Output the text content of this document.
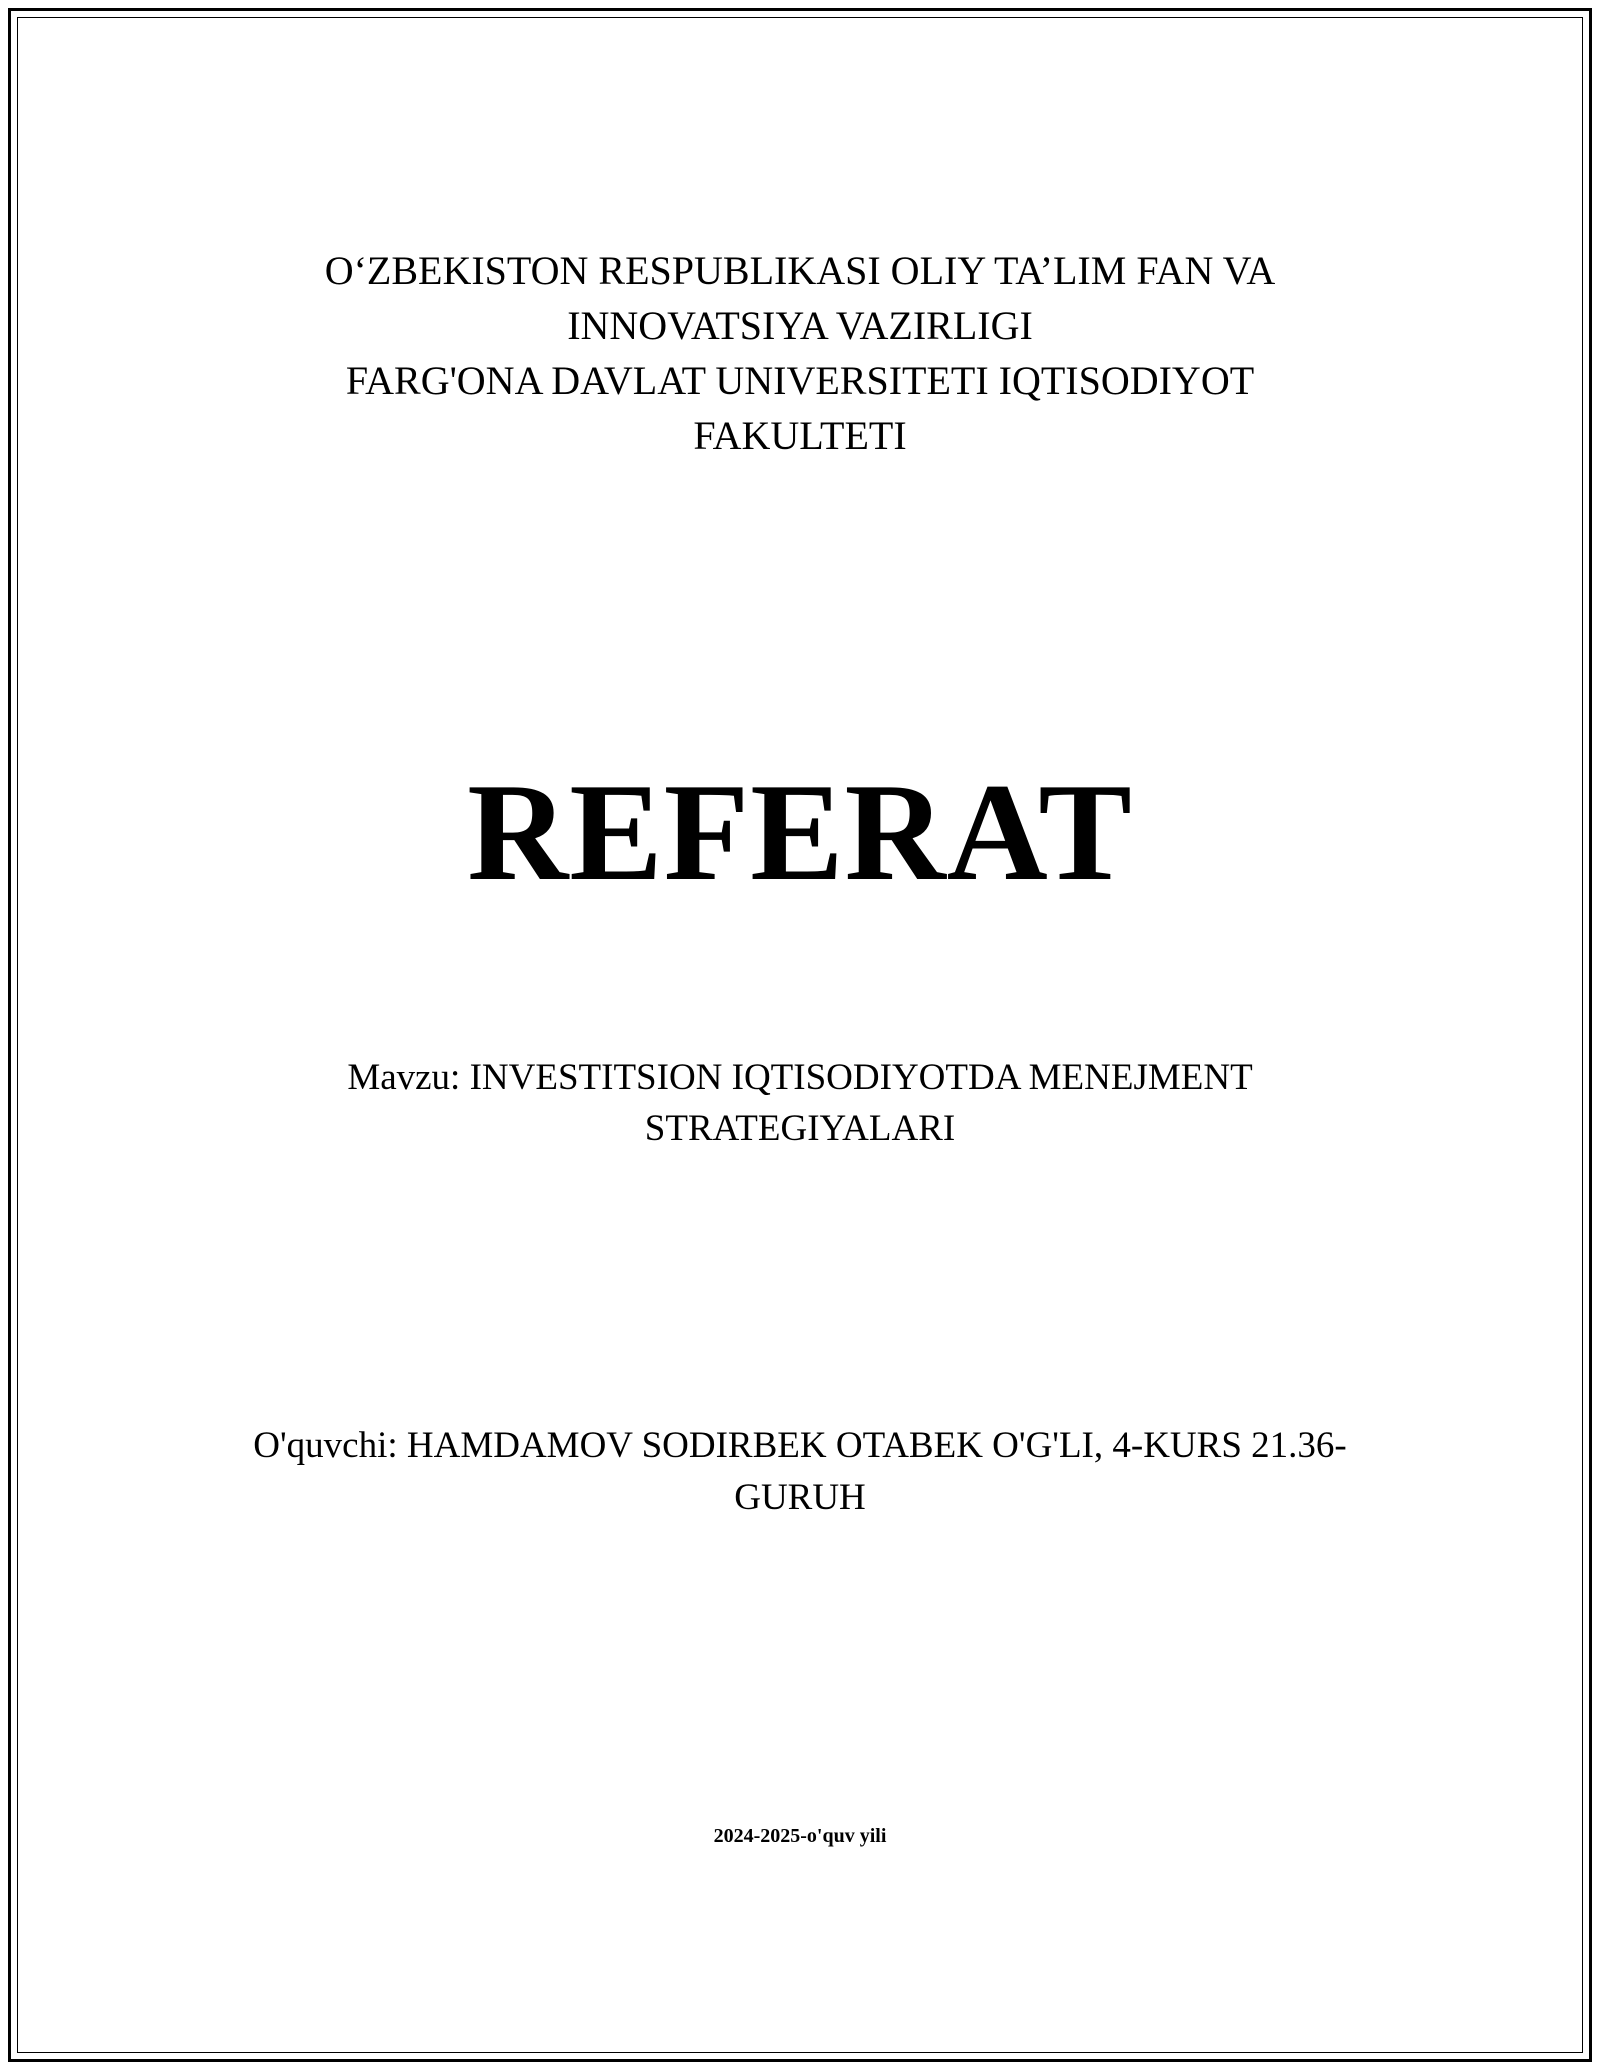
O‘ZBEKISTON RESPUBLIKASI OLIY TA’LIM FAN VA
INNOVATSIYA VAZIRLIGI
FARG'ONA DAVLAT UNIVERSITETI IQTISODIYOT
FAKULTETI
REFERAT
Mavzu: INVESTITSION IQTISODIYOTDA MENEJMENT
STRATEGIYALARI
O'quvchi: HAMDAMOV SODIRBEK OTABEK O'G'LI, 4-KURS 21.36-
GURUH
2024-2025-o'quv yili
